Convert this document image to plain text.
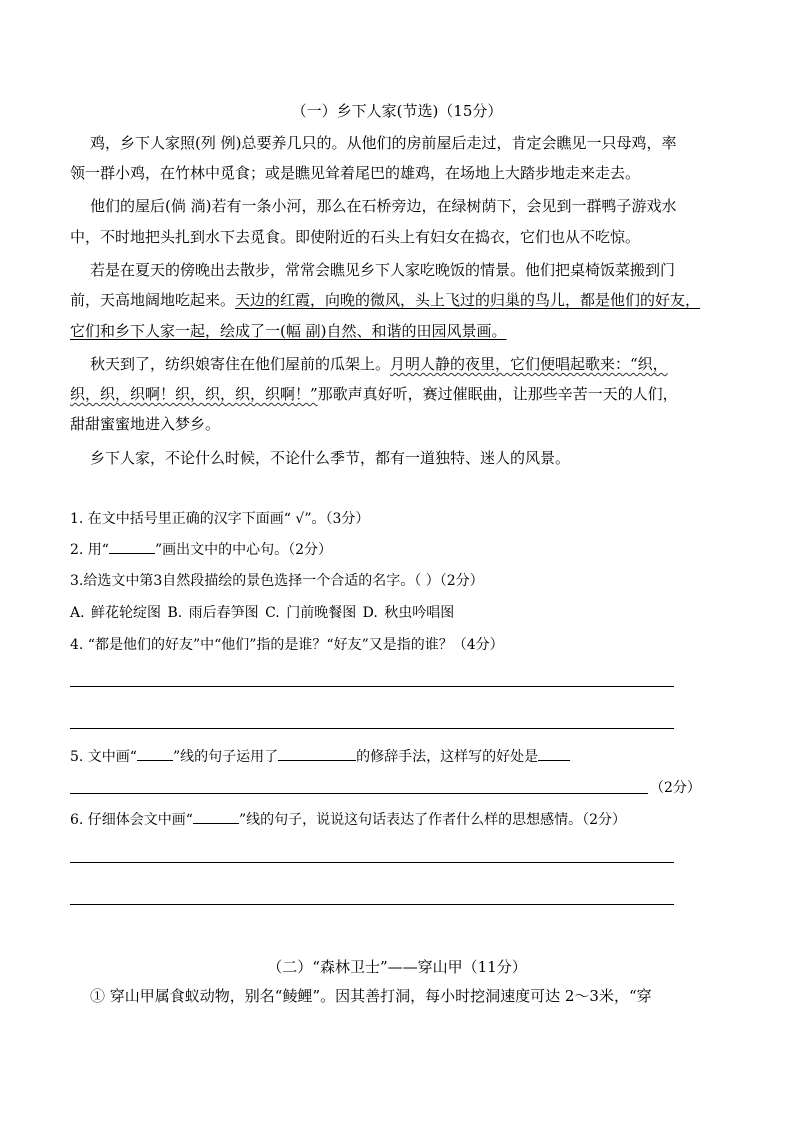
（一）乡下人家(节选)（15分）
鸡，乡下人家照(列 例)总要养几只的。从他们的房前屋后走过，肯定会瞧见一只母鸡，率
领一群小鸡，在竹林中觅食；或是瞧见耸着尾巴的雄鸡，在场地上大踏步地走来走去。
他们的屋后(倘 淌)若有一条小河，那么在石桥旁边，在绿树荫下，会见到一群鸭子游戏水
中，不时地把头扎到水下去觅食。即使附近的石头上有妇女在捣衣，它们也从不吃惊。
若是在夏天的傍晚出去散步，常常会瞧见乡下人家吃晚饭的情景。他们把桌椅饭菜搬到门
前，天高地阔地吃起来。天边的红霞，向晚的微风，头上飞过的归巢的鸟儿，都是他们的好友，
它们和乡下人家一起，绘成了一(幅 副)自然、和谐的田园风景画。
秋天到了，纺织娘寄住在他们屋前的瓜架上。月明人静的夜里，它们便唱起歌来：“织，
织，织，织啊！织，织，织，织啊！”那歌声真好听，赛过催眠曲，让那些辛苦一天的人们，
甜甜蜜蜜地进入梦乡。
乡下人家，不论什么时候，不论什么季节，都有一道独特、迷人的风景。
1. 在文中括号里正确的汉字下面画“ √”。（3分）
2. 用“	”画出文中的中心句。（2分）
3.给选文中第3自然段描绘的景色选择一个合适的名字。（ ）（2分）
A. 鲜花轮绽图 B. 雨后春笋图 C. 门前晚餐图 D. 秋虫吟唱图
4. “都是他们的好友”中“他们”指的是谁？“好友”又是指的谁？（4分）
5. 文中画“	”线的句子运用了	的修辞手法，这样写的好处是
（2分）
6. 仔细体会文中画“	”线的句子，说说这句话表达了作者什么样的思想感情。（2分）
（二）“森林卫士”——穿山甲（11分）
① 穿山甲属食蚁动物，别名“鲮鲤”。因其善打洞，每小时挖洞速度可达 2～3米，“穿
